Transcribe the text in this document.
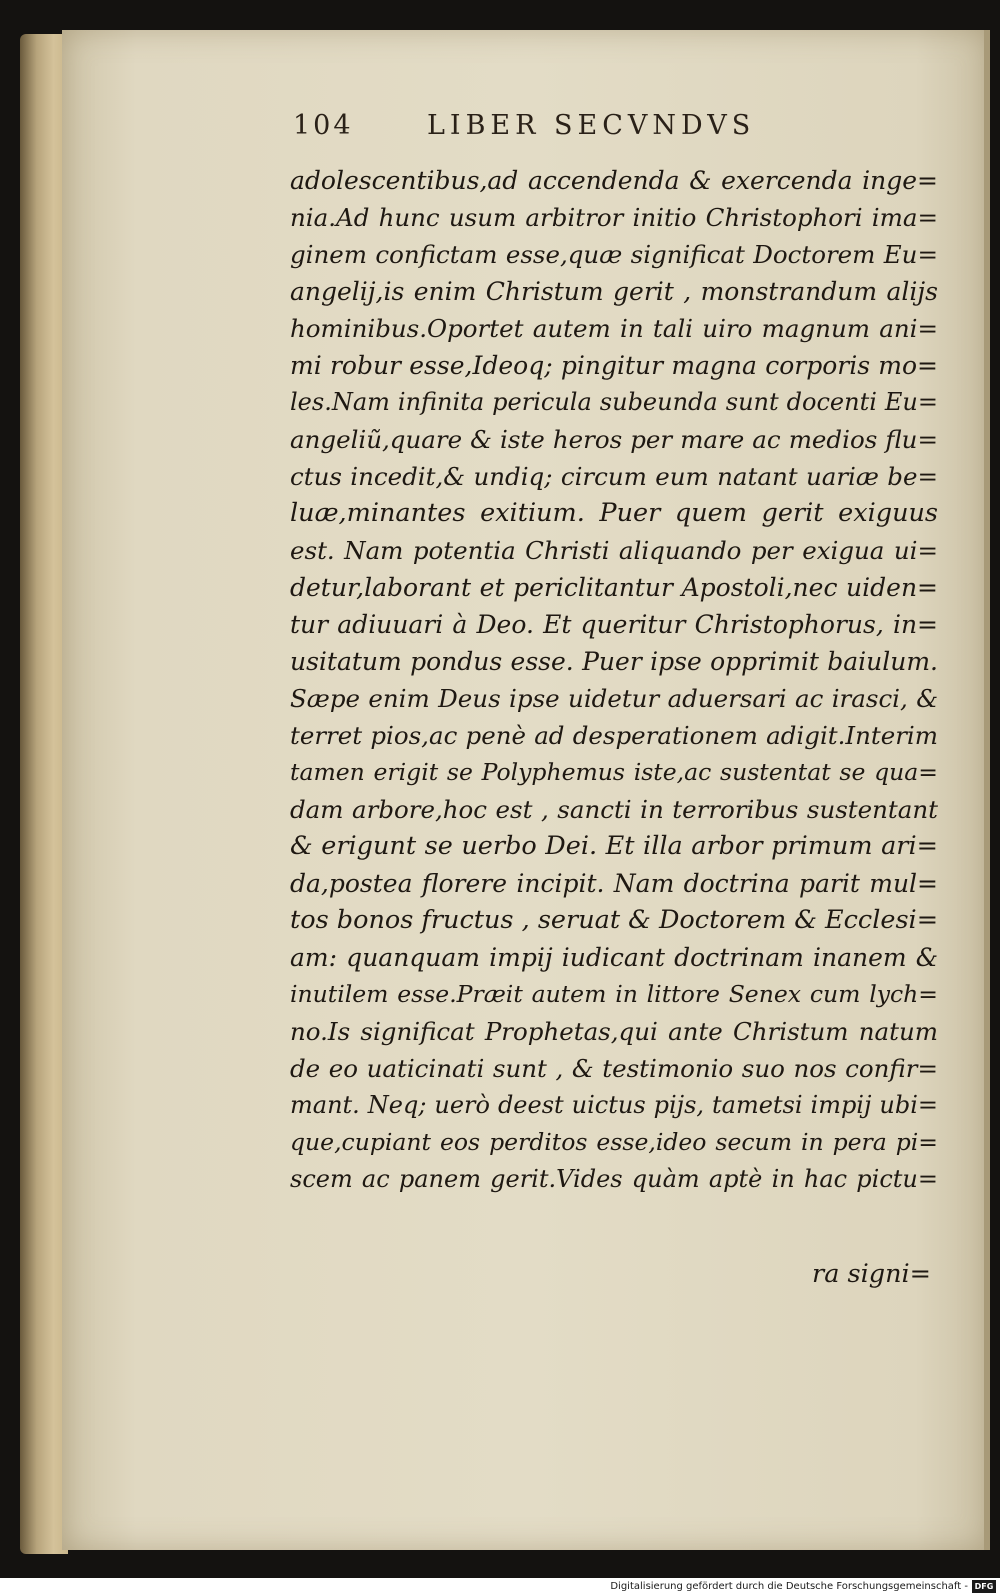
104	LIBER SECVNDVS
adolescentibus,ad accendenda & exercenda inge=
nia.Ad hunc usum arbitror initio Christophori ima=
ginem confictam esse,quæ significat Doctorem Eu=
angelij,is enim Christum gerit , monstrandum alijs
hominibus.Oportet autem in tali uiro magnum ani=
mi robur esse,Ideoq; pingitur magna corporis mo=
les.Nam infinita pericula subeunda sunt docenti Eu=
angeliũ,quare & iste heros per mare ac medios flu=
ctus incedit,& undiq; circum eum natant uariæ be=
luæ,minantes exitium. Puer quem gerit exiguus
est. Nam potentia Christi aliquando per exigua ui=
detur,laborant et periclitantur Apostoli,nec uiden=
tur adiuuari à Deo. Et queritur Christophorus, in=
usitatum pondus esse. Puer ipse opprimit baiulum.
Sæpe enim Deus ipse uidetur aduersari ac irasci, &
terret pios,ac penè ad desperationem adigit.Interim
tamen erigit se Polyphemus iste,ac sustentat se qua=
dam arbore,hoc est , sancti in terroribus sustentant
& erigunt se uerbo Dei. Et illa arbor primum ari=
da,postea florere incipit. Nam doctrina parit mul=
tos bonos fructus , seruat & Doctorem & Ecclesi=
am: quanquam impij iudicant doctrinam inanem &
inutilem esse.Præit autem in littore Senex cum lych=
no.Is significat Prophetas,qui ante Christum natum
de eo uaticinati sunt , & testimonio suo nos confir=
mant. Neq; uerò deest uictus pijs, tametsi impij ubi=
que,cupiant eos perditos esse,ideo secum in pera pi=
scem ac panem gerit.Vides quàm aptè in hac pictu=
ra signi=
Digitalisierung gefördert durch die Deutsche Forschungsgemeinschaft - DFG
